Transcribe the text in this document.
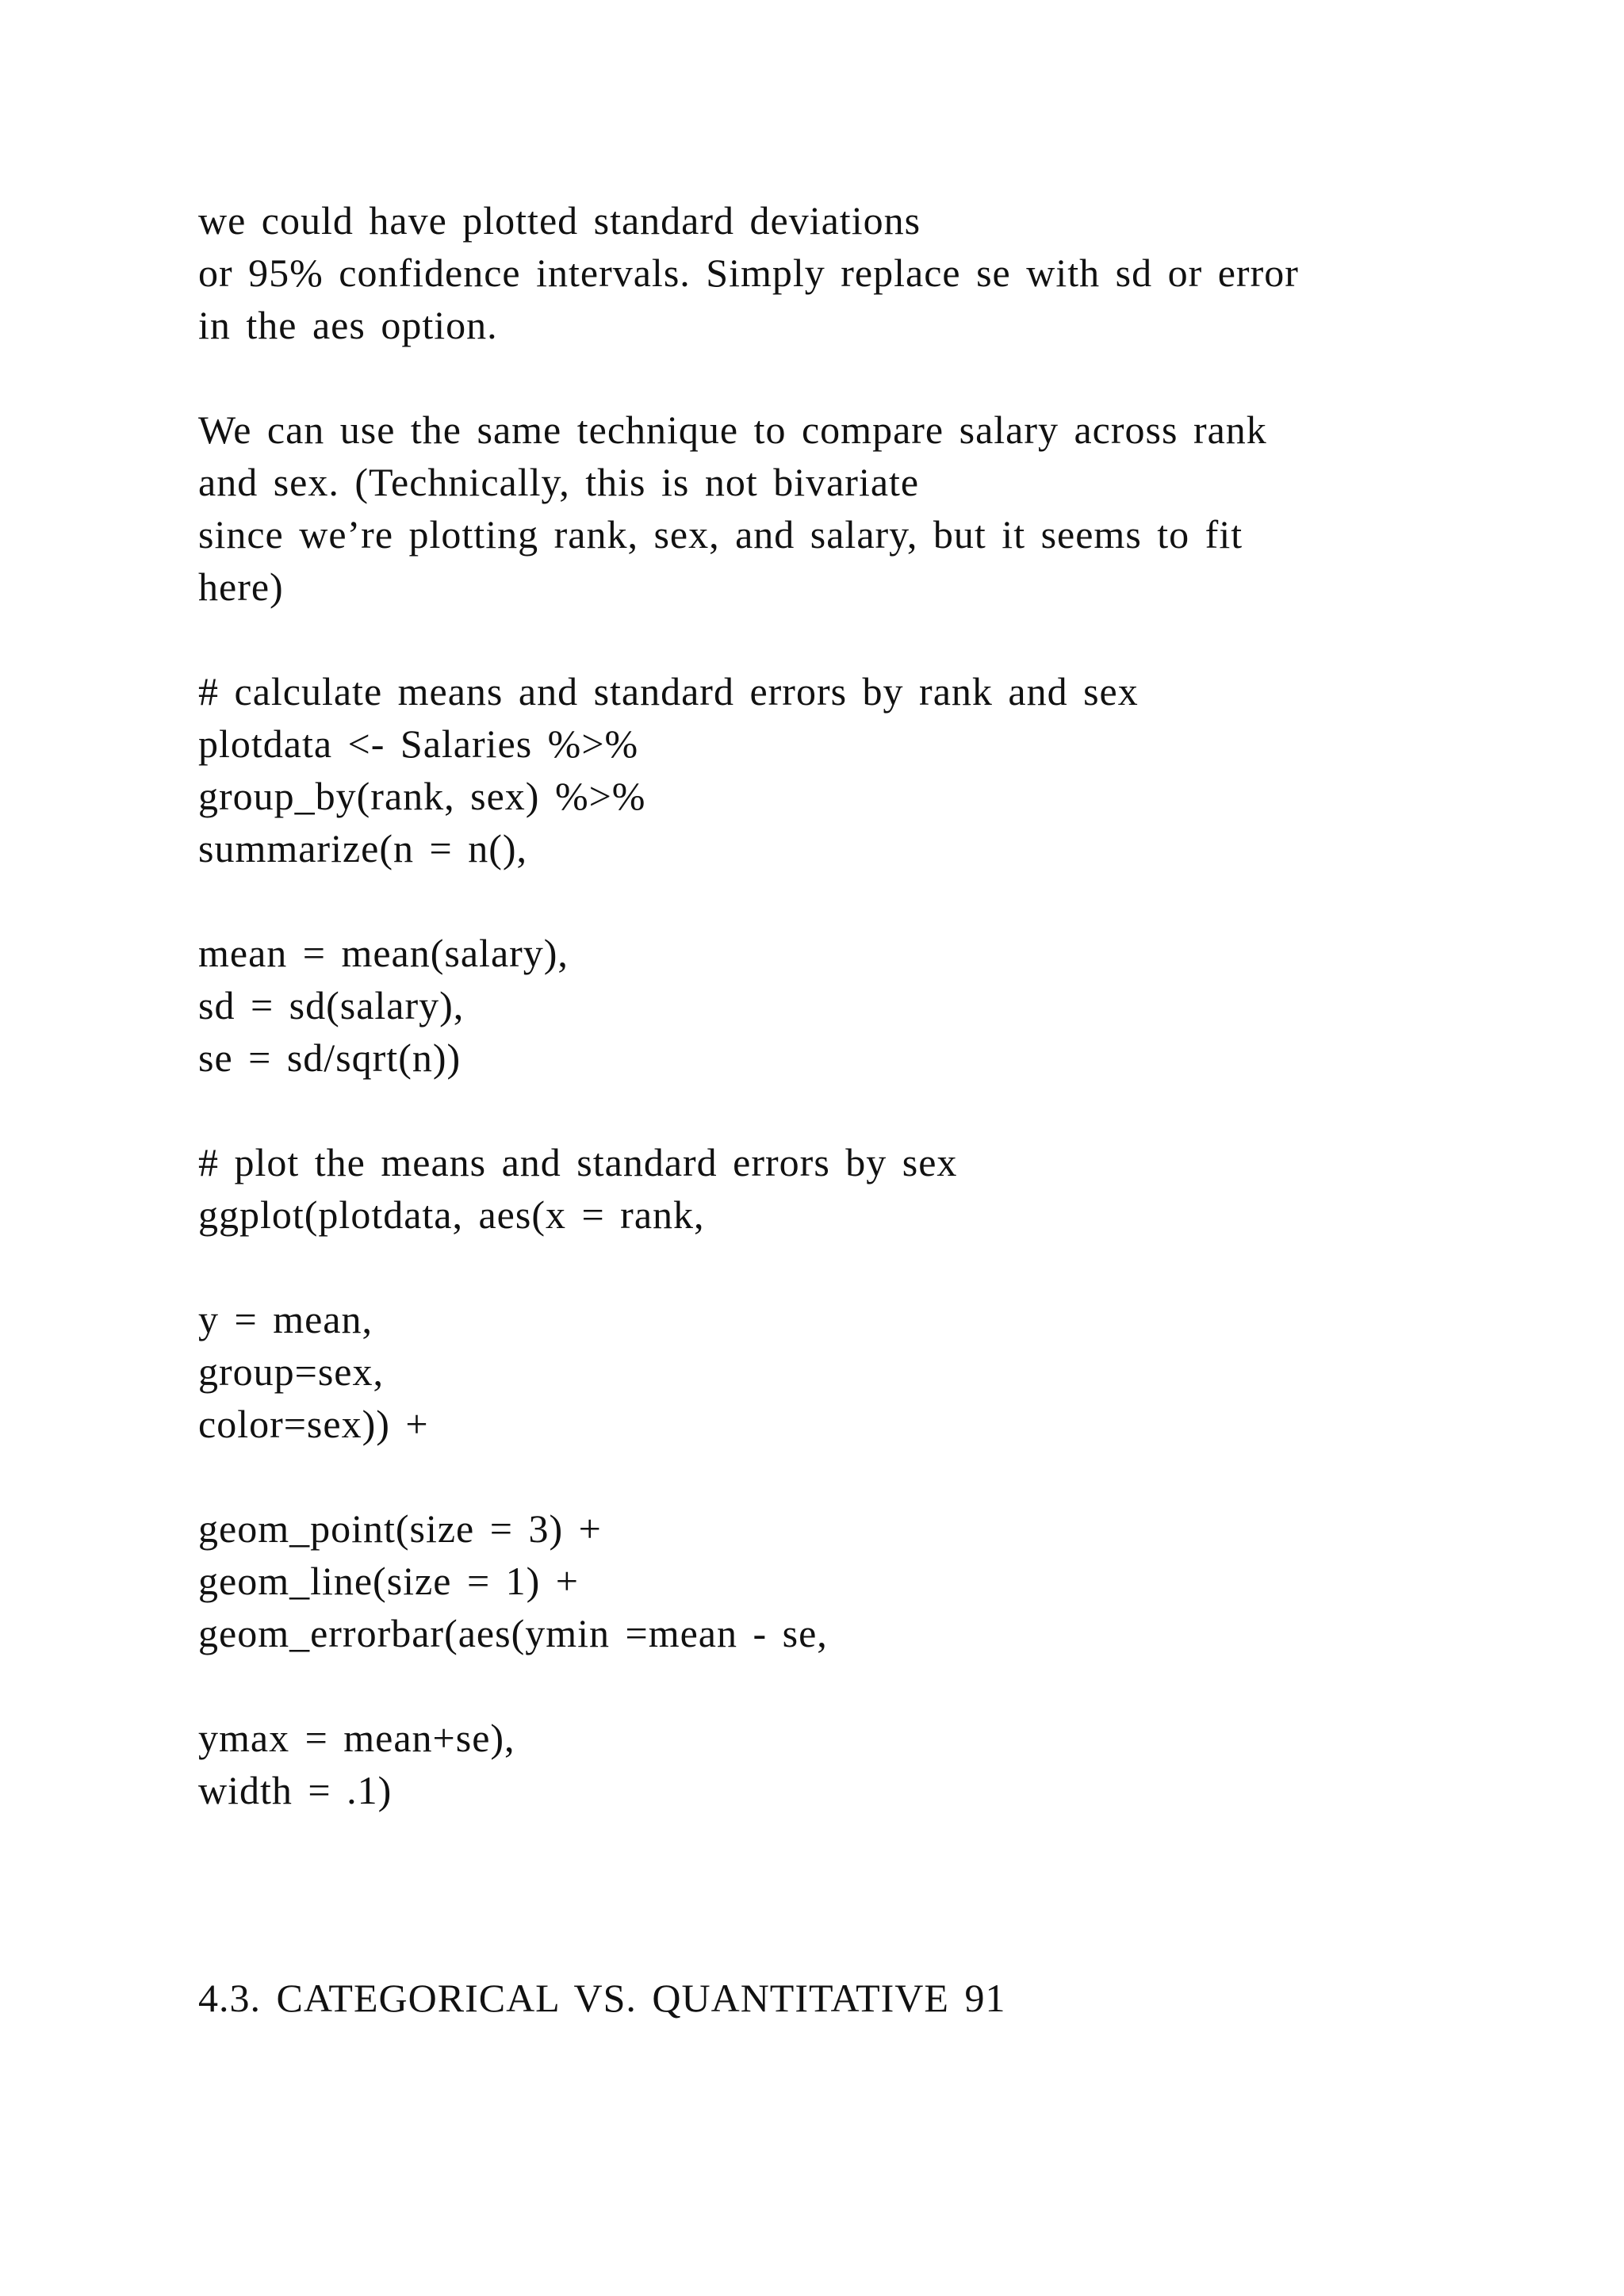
we could have plotted standard deviations
or 95% confidence intervals. Simply replace se with sd or error
in the aes option.
We can use the same technique to compare salary across rank
and sex. (Technically, this is not bivariate
since we’re plotting rank, sex, and salary, but it seems to fit
here)
# calculate means and standard errors by rank and sex
plotdata <- Salaries %>%
group_by(rank, sex) %>%
summarize(n = n(),
mean = mean(salary),
sd = sd(salary),
se = sd/sqrt(n))
# plot the means and standard errors by sex
ggplot(plotdata, aes(x = rank,
y = mean,
group=sex,
color=sex)) +
geom_point(size = 3) +
geom_line(size = 1) +
geom_errorbar(aes(ymin =mean - se,
ymax = mean+se),
width = .1)
4.3. CATEGORICAL VS. QUANTITATIVE 91
